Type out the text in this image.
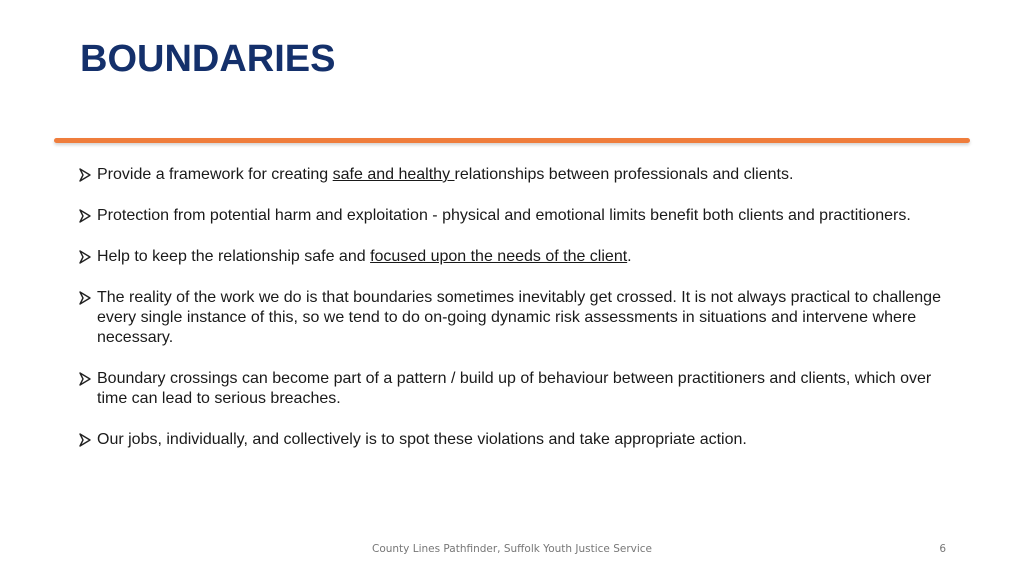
BOUNDARIES
Provide a framework for creating safe and healthy relationships between professionals and clients.
Protection from potential harm and exploitation - physical and emotional limits benefit both clients and practitioners.
Help to keep the relationship safe and focused upon the needs of the client.
The reality of the work we do is that boundaries sometimes inevitably get crossed. It is not always practical to challenge every single instance of this, so we tend to do on-going dynamic risk assessments in situations and intervene where necessary.
Boundary crossings can become part of a pattern / build up of behaviour between practitioners and clients, which over time can lead to serious breaches.
Our jobs, individually, and collectively is to spot these violations and take appropriate action.
County Lines Pathfinder, Suffolk Youth Justice Service	6
